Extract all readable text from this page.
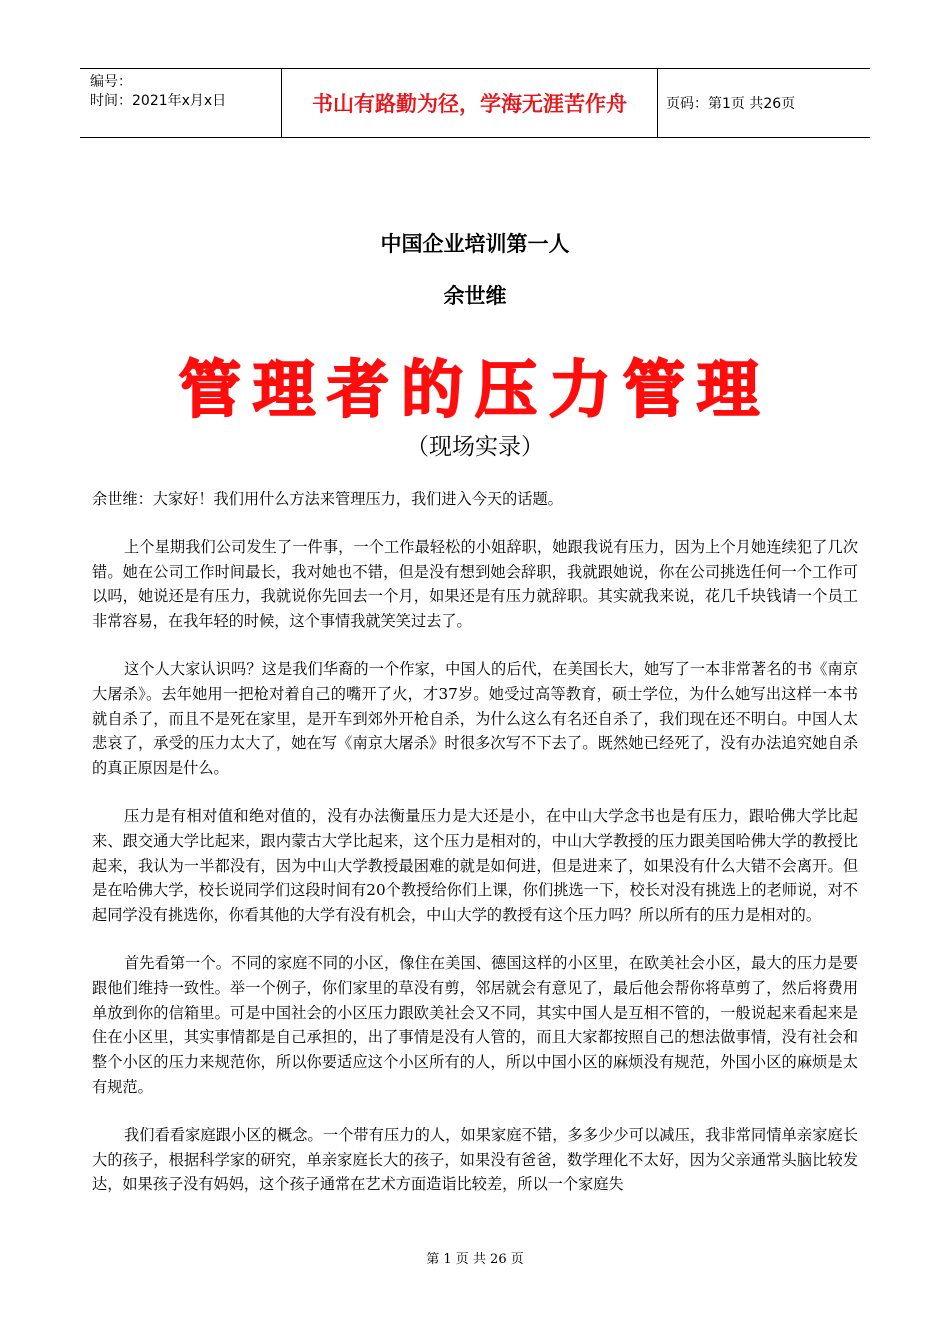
编号：
时间：2021年x月x日	书山有路勤为径，学海无涯苦作舟	页码：第1页 共26页
中国企业培训第一人
余世维
管理者的压力管理
（现场实录）

余世维：大家好！我们用什么方法来管理压力，我们进入今天的话题。

上个星期我们公司发生了一件事，一个工作最轻松的小姐辞职，她跟我说有压力，因为上个月她连续犯了几次错。她在公司工作时间最长，我对她也不错，但是没有想到她会辞职，我就跟她说，你在公司挑选任何一个工作可以吗，她说还是有压力，我就说你先回去一个月，如果还是有压力就辞职。其实就我来说，花几千块钱请一个员工非常容易，在我年轻的时候，这个事情我就笑笑过去了。

这个人大家认识吗？这是我们华裔的一个作家，中国人的后代，在美国长大，她写了一本非常著名的书《南京大屠杀》。去年她用一把枪对着自己的嘴开了火，才37岁。她受过高等教育，硕士学位，为什么她写出这样一本书就自杀了，而且不是死在家里，是开车到郊外开枪自杀，为什么这么有名还自杀了，我们现在还不明白。中国人太悲哀了，承受的压力太大了，她在写《南京大屠杀》时很多次写不下去了。既然她已经死了，没有办法追究她自杀的真正原因是什么。

压力是有相对值和绝对值的，没有办法衡量压力是大还是小，在中山大学念书也是有压力，跟哈佛大学比起来、跟交通大学比起来，跟内蒙古大学比起来，这个压力是相对的，中山大学教授的压力跟美国哈佛大学的教授比起来，我认为一半都没有，因为中山大学教授最困难的就是如何进，但是进来了，如果没有什么大错不会离开。但是在哈佛大学，校长说同学们这段时间有20个教授给你们上课，你们挑选一下，校长对没有挑选上的老师说，对不起同学没有挑选你，你看其他的大学有没有机会，中山大学的教授有这个压力吗？所以所有的压力是相对的。

首先看第一个。不同的家庭不同的小区，像住在美国、德国这样的小区里，在欧美社会小区，最大的压力是要跟他们维持一致性。举一个例子，你们家里的草没有剪，邻居就会有意见了，最后他会帮你将草剪了，然后将费用单放到你的信箱里。可是中国社会的小区压力跟欧美社会又不同，其实中国人是互相不管的，一般说起来看起来是住在小区里，其实事情都是自己承担的，出了事情是没有人管的，而且大家都按照自己的想法做事情，没有社会和整个小区的压力来规范你，所以你要适应这个小区所有的人，所以中国小区的麻烦没有规范，外国小区的麻烦是太有规范。

我们看看家庭跟小区的概念。一个带有压力的人，如果家庭不错，多多少少可以减压，我非常同情单亲家庭长大的孩子，根据科学家的研究，单亲家庭长大的孩子，如果没有爸爸，数学理化不太好，因为父亲通常头脑比较发达，如果孩子没有妈妈，这个孩子通常在艺术方面造诣比较差，所以一个家庭失

第 1 页 共 26 页
